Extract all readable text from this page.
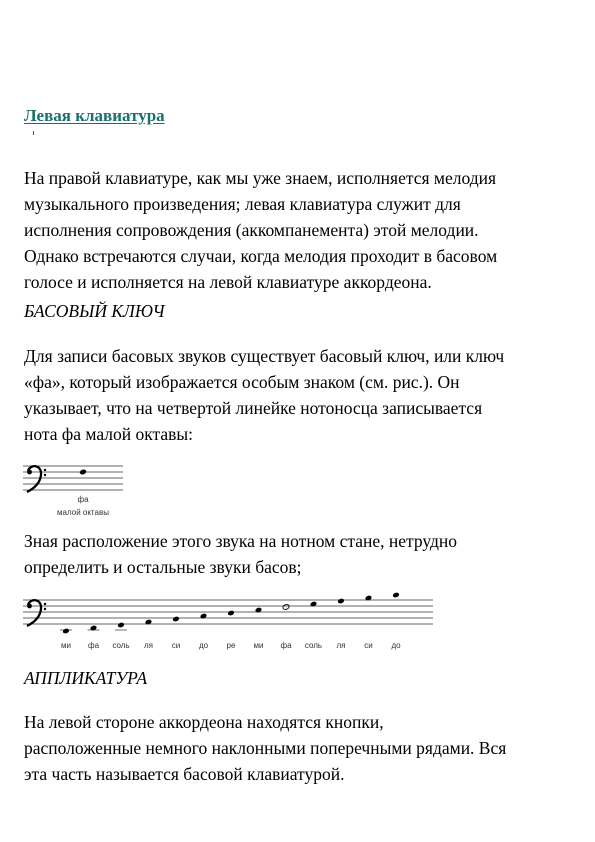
Левая клавиатура
На правой клавиатуре, как мы уже знаем, исполняется мелодия
музыкального произведения; левая клавиатура служит для
исполнения сопровождения (аккомпанемента) этой мелодии.
Однако встречаются случаи, когда мелодия проходит в басовом
голосе и исполняется на левой клавиатуре аккордеона.
БАСОВЫЙ КЛЮЧ
Для записи басовых звуков существует басовый ключ, или ключ
«фа», который изображается особым знаком (см. рис.). Он
указывает, что на четвертой линейке нотоносца записывается
нота фа малой октавы:
фа
малой октавы
Зная расположение этого звука на нотном стане, нетрудно
определить и остальные звуки басов;
ми фа соль ля си до ре ми фа соль ля си до
АППЛИКАТУРА
На левой стороне аккордеона находятся кнопки,
расположенные немного наклонными поперечными рядами. Вся
эта часть называется басовой клавиатурой.
